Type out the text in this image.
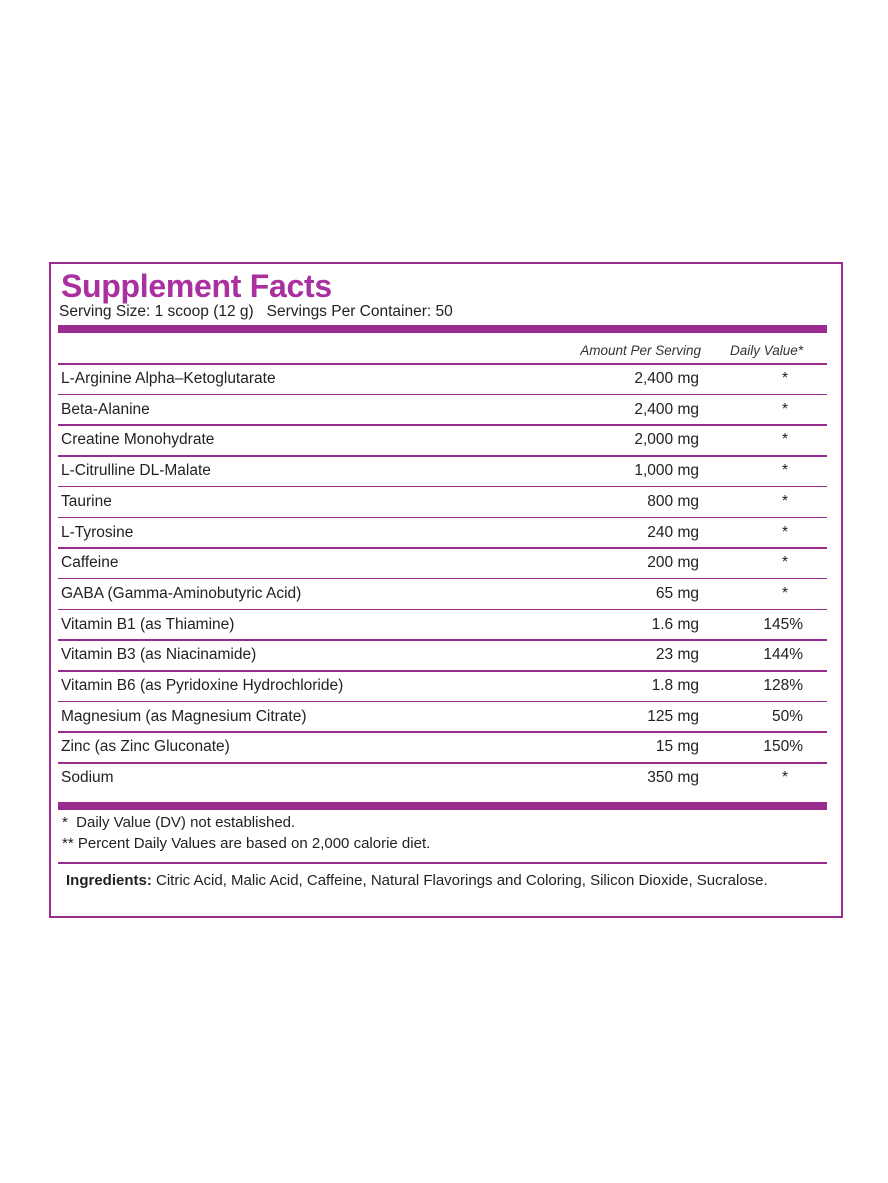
Supplement Facts
Serving Size: 1 scoop (12 g)   Servings Per Container: 50
Amount Per Serving Daily Value*
L-Arginine Alpha–Ketoglutarate	2,400 mg	*
Beta-Alanine	2,400 mg	*
Creatine Monohydrate	2,000 mg	*
L-Citrulline DL-Malate	1,000 mg	*
Taurine	800 mg	*
L-Tyrosine	240 mg	*
Caffeine	200 mg	*
GABA (Gamma-Aminobutyric Acid)	65 mg	*
Vitamin B1 (as Thiamine)	1.6 mg	145%
Vitamin B3 (as Niacinamide)	23 mg	144%
Vitamin B6 (as Pyridoxine Hydrochloride)	1.8 mg	128%
Magnesium (as Magnesium Citrate)	125 mg	50%
Zinc (as Zinc Gluconate)	15 mg	150%
Sodium	350 mg	*
*  Daily Value (DV) not established.
** Percent Daily Values are based on 2,000 calorie diet.
Ingredients: Citric Acid, Malic Acid, Caffeine, Natural Flavorings and Coloring, Silicon Dioxide, Sucralose.
